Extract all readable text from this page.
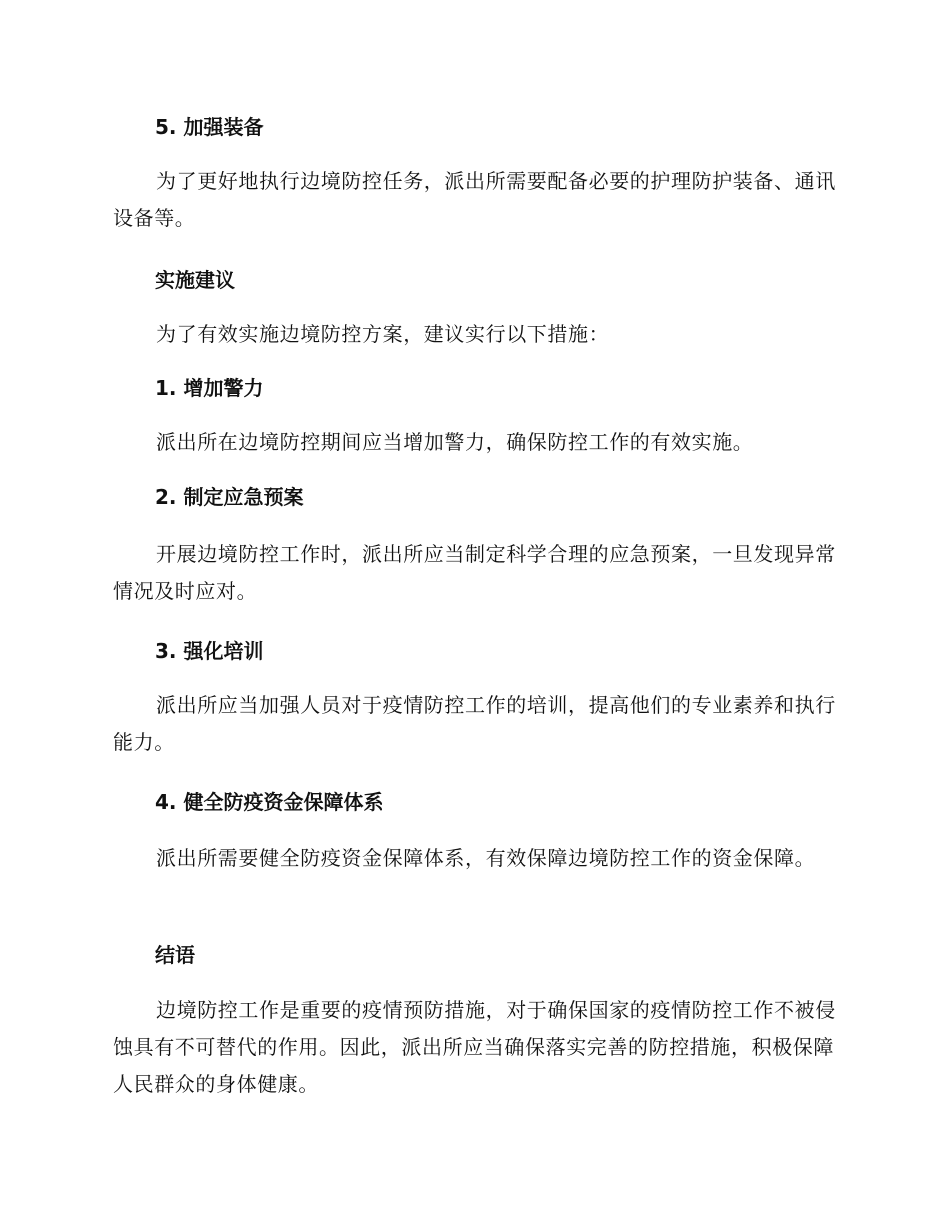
5. 加强装备

为了更好地执行边境防控任务，派出所需要配备必要的护理防护装备、通讯设备等。

实施建议

为了有效实施边境防控方案，建议实行以下措施：

1. 增加警力

派出所在边境防控期间应当增加警力，确保防控工作的有效实施。

2. 制定应急预案

开展边境防控工作时，派出所应当制定科学合理的应急预案，一旦发现异常情况及时应对。

3. 强化培训

派出所应当加强人员对于疫情防控工作的培训，提高他们的专业素养和执行能力。

4. 健全防疫资金保障体系

派出所需要健全防疫资金保障体系，有效保障边境防控工作的资金保障。

结语

边境防控工作是重要的疫情预防措施，对于确保国家的疫情防控工作不被侵蚀具有不可替代的作用。因此，派出所应当确保落实完善的防控措施，积极保障人民群众的身体健康。
